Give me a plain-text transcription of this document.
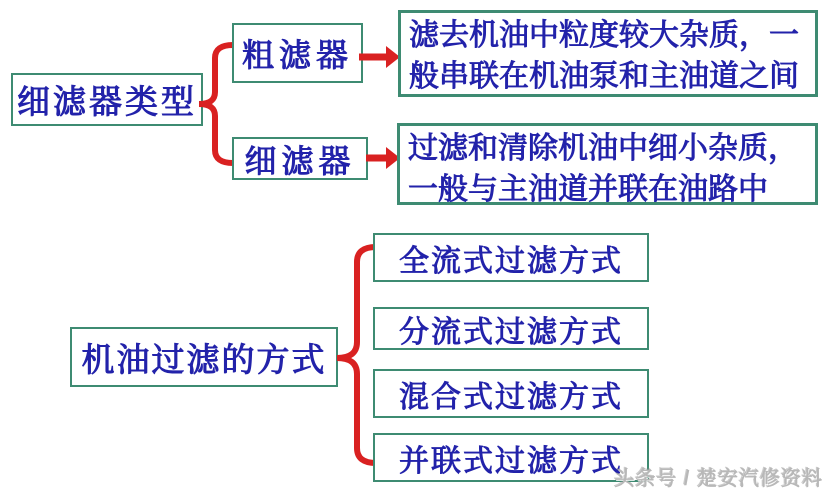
细滤器类型
粗滤器
细滤器
滤去机油中粒度较大杂质，一
般串联在机油泵和主油道之间
过滤和清除机油中细小杂质，
一般与主油道并联在油路中
机油过滤的方式
全流式过滤方式
分流式过滤方式
混合式过滤方式
并联式过滤方式
头条号 / 楚安汽修资料
